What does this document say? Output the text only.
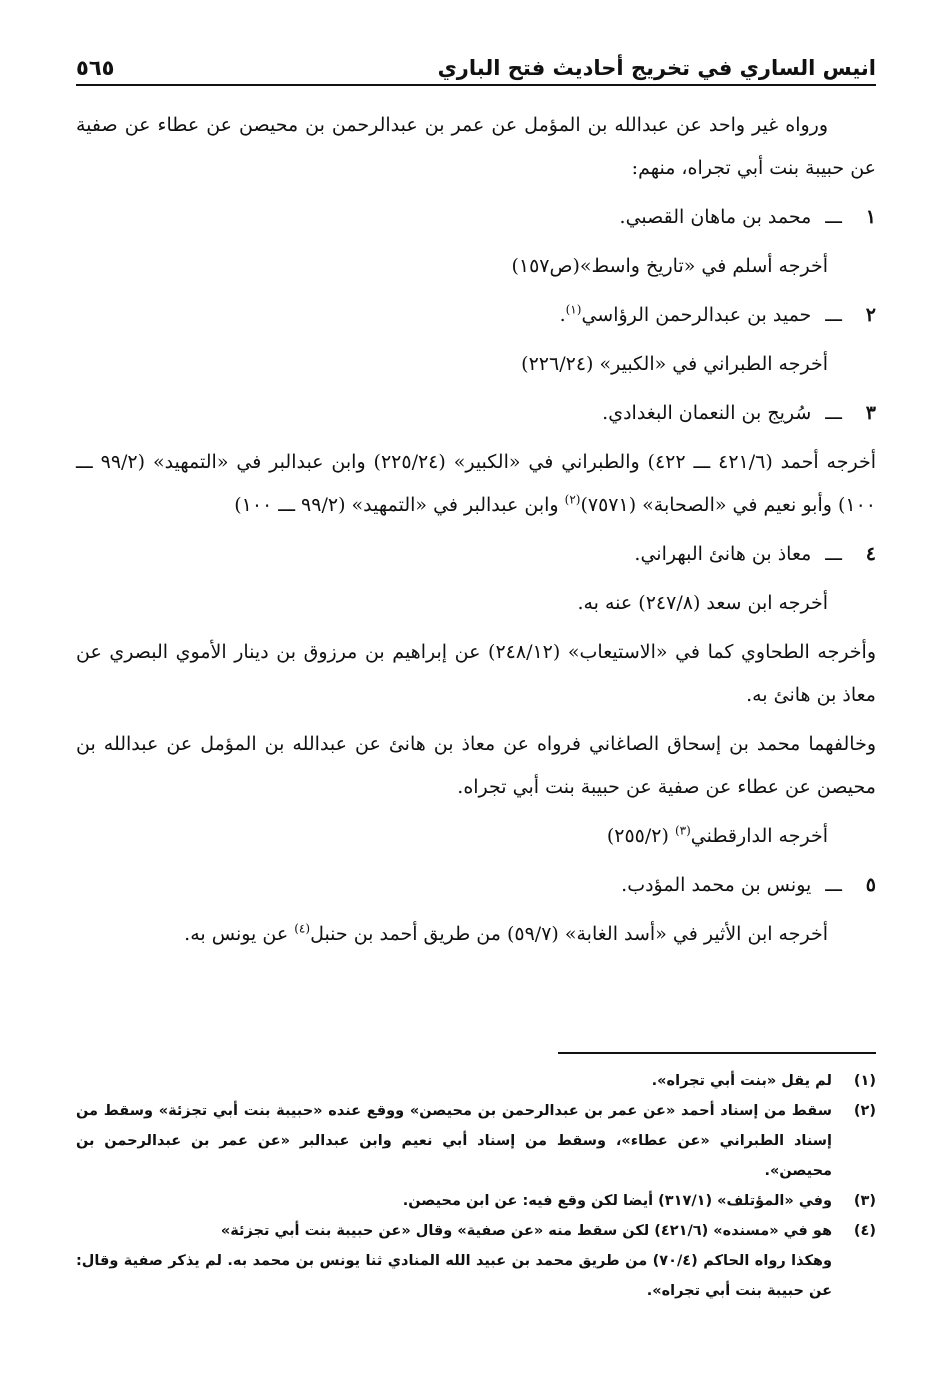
انيس الساري في تخريج أحاديث فتح الباري
٥٦٥

ورواه غير واحد عن عبدالله بن المؤمل عن عمر بن عبدالرحمن بن محيصن عن عطاء عن صفية عن حبيبة بنت أبي تجراه، منهم:

١ـــمحمد بن ماهان القصبي.

أخرجه أسلم في «تاريخ واسط»(ص١٥٧)

٢ـــحميد بن عبدالرحمن الرؤاسي$^{(١)}$.

أخرجه الطبراني في «الكبير» (٢٢٦/٢٤)

٣ـــسُريج بن النعمان البغدادي.

أخرجه أحمد (٤٢١/٦ ـــ ٤٢٢) والطبراني في «الكبير» (٢٢٥/٢٤) وابن عبدالبر في «التمهيد» (٩٩/٢ ـــ ١٠٠) وأبو نعيم في «الصحابة» (٧٥٧١)$^{(٢)}$ وابن عبدالبر في «التمهيد» (٩٩/٢ ـــ ١٠٠)

٤ـــمعاذ بن هانئ البهراني.

أخرجه ابن سعد (٢٤٧/٨) عنه به.

وأخرجه الطحاوي كما في «الاستيعاب» (٢٤٨/١٢) عن إبراهيم بن مرزوق بن دينار الأموي البصري عن معاذ بن هانئ به.

وخالفهما محمد بن إسحاق الصاغاني فرواه عن معاذ بن هانئ عن عبدالله بن المؤمل عن عبدالله بن محيصن عن عطاء عن صفية عن حبيبة بنت أبي تجراه.

أخرجه الدارقطني$^{(٣)}$ (٢٥٥/٢)

٥ـــيونس بن محمد المؤدب.

أخرجه ابن الأثير في «أسد الغابة» (٥٩/٧) من طريق أحمد بن حنبل$^{(٤)}$ عن يونس به.

(١)
لم يقل «بنت أبي تجراه».
(٢)
سقط من إسناد أحمد «عن عمر بن عبدالرحمن بن محيصن» ووقع عنده «حبيبة بنت أبي تجزئة» وسقط من إسناد الطبراني «عن عطاء»، وسقط من إسناد أبي نعيم وابن عبدالبر «عن عمر بن عبدالرحمن بن محيصن».
(٣)
وفي «المؤتلف» (٣١٧/١) أيضا لكن وقع فيه: عن ابن محيصن.
(٤)
هو في «مسنده» (٤٢١/٦) لكن سقط منه «عن صفية» وقال «عن حبيبة بنت أبي تجزئة»
وهكذا رواه الحاكم (٧٠/٤) من طريق محمد بن عبيد الله المنادي ثنا يونس بن محمد به. لم يذكر صفية وقال: عن حبيبة بنت أبي تجراه».
